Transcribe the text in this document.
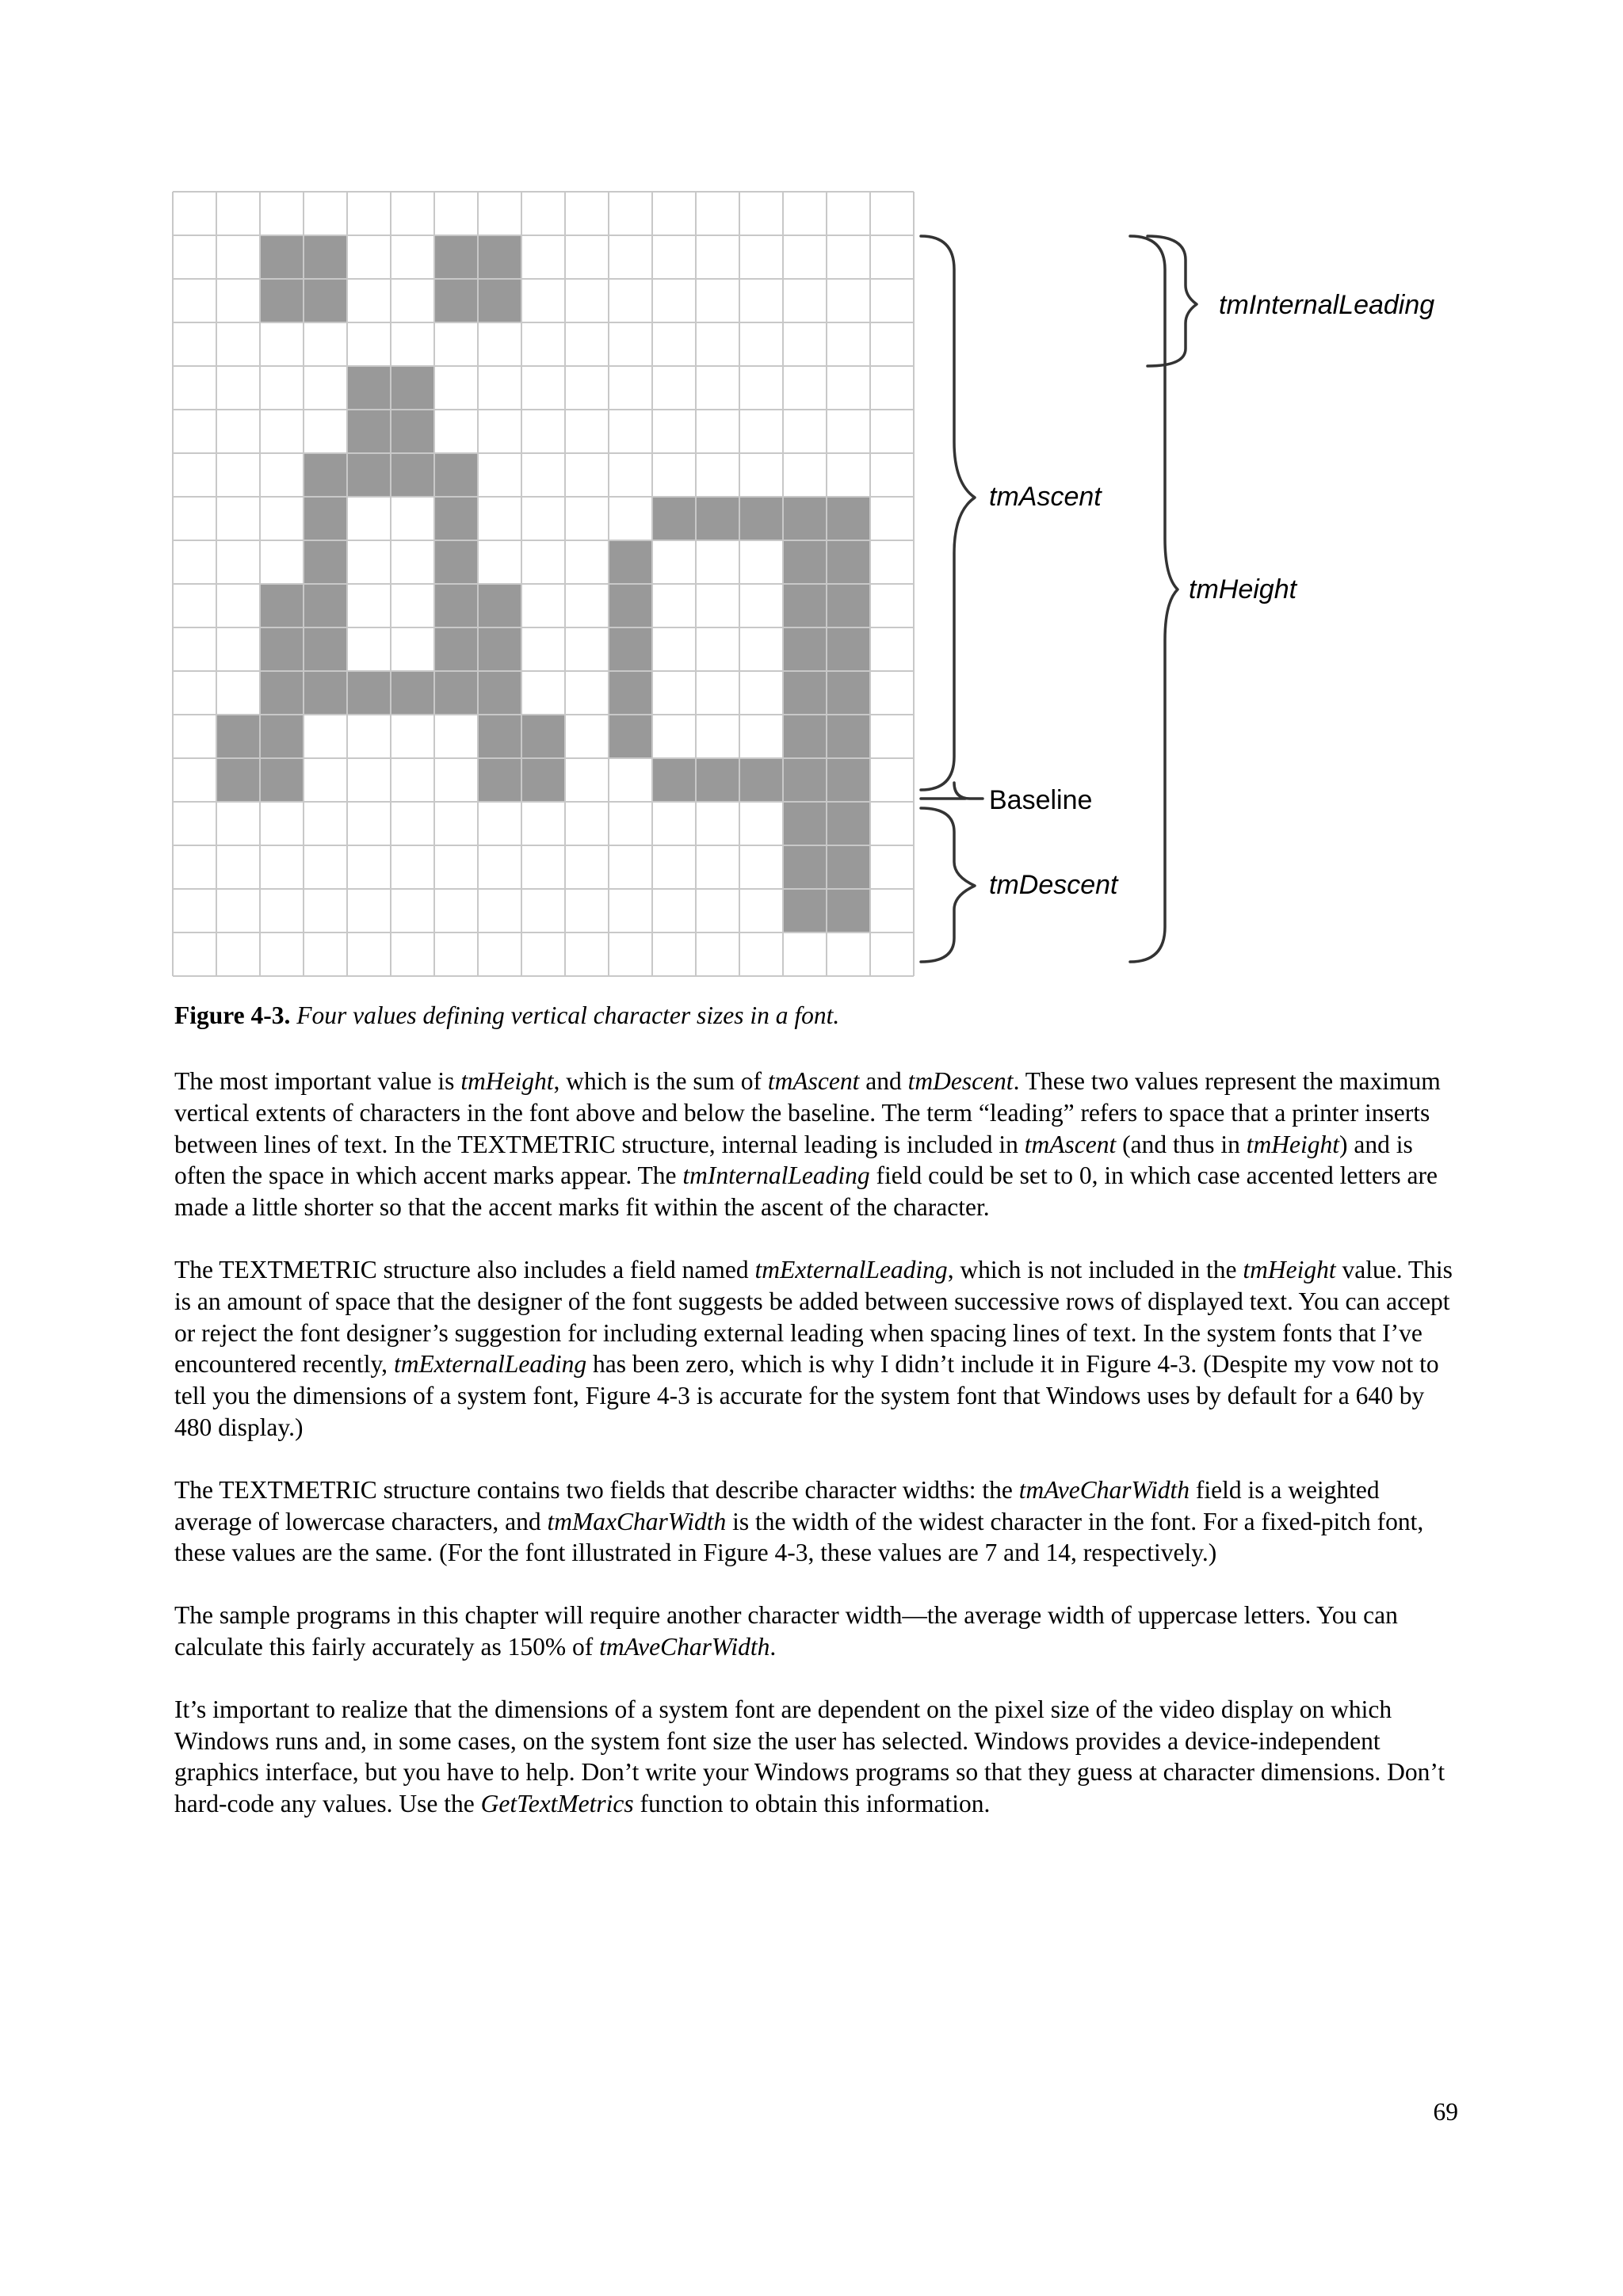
tmInternalLeading
tmAscent
tmHeight
Baseline
tmDescent

Figure 4-3. Four values defining vertical character sizes in a font.

The most important value is tmHeight, which is the sum of tmAscent and tmDescent. These two values represent the maximum vertical extents of characters in the font above and below the baseline. The term “leading” refers to space that a printer inserts between lines of text. In the TEXTMETRIC structure, internal leading is included in tmAscent (and thus in tmHeight) and is often the space in which accent marks appear. The tmInternalLeading field could be set to 0, in which case accented letters are made a little shorter so that the accent marks fit within the ascent of the character.

The TEXTMETRIC structure also includes a field named tmExternalLeading, which is not included in the tmHeight value. This is an amount of space that the designer of the font suggests be added between successive rows of displayed text. You can accept or reject the font designer’s suggestion for including external leading when spacing lines of text. In the system fonts that I’ve encountered recently, tmExternalLeading has been zero, which is why I didn’t include it in Figure 4-3. (Despite my vow not to tell you the dimensions of a system font, Figure 4-3 is accurate for the system font that Windows uses by default for a 640 by 480 display.)

The TEXTMETRIC structure contains two fields that describe character widths: the tmAveCharWidth field is a weighted average of lowercase characters, and tmMaxCharWidth is the width of the widest character in the font. For a fixed-pitch font, these values are the same. (For the font illustrated in Figure 4-3, these values are 7 and 14, respectively.)

The sample programs in this chapter will require another character width—the average width of uppercase letters. You can calculate this fairly accurately as 150% of tmAveCharWidth.

It’s important to realize that the dimensions of a system font are dependent on the pixel size of the video display on which Windows runs and, in some cases, on the system font size the user has selected. Windows provides a device-independent graphics interface, but you have to help. Don’t write your Windows programs so that they guess at character dimensions. Don’t hard-code any values. Use the GetTextMetrics function to obtain this information.

69
